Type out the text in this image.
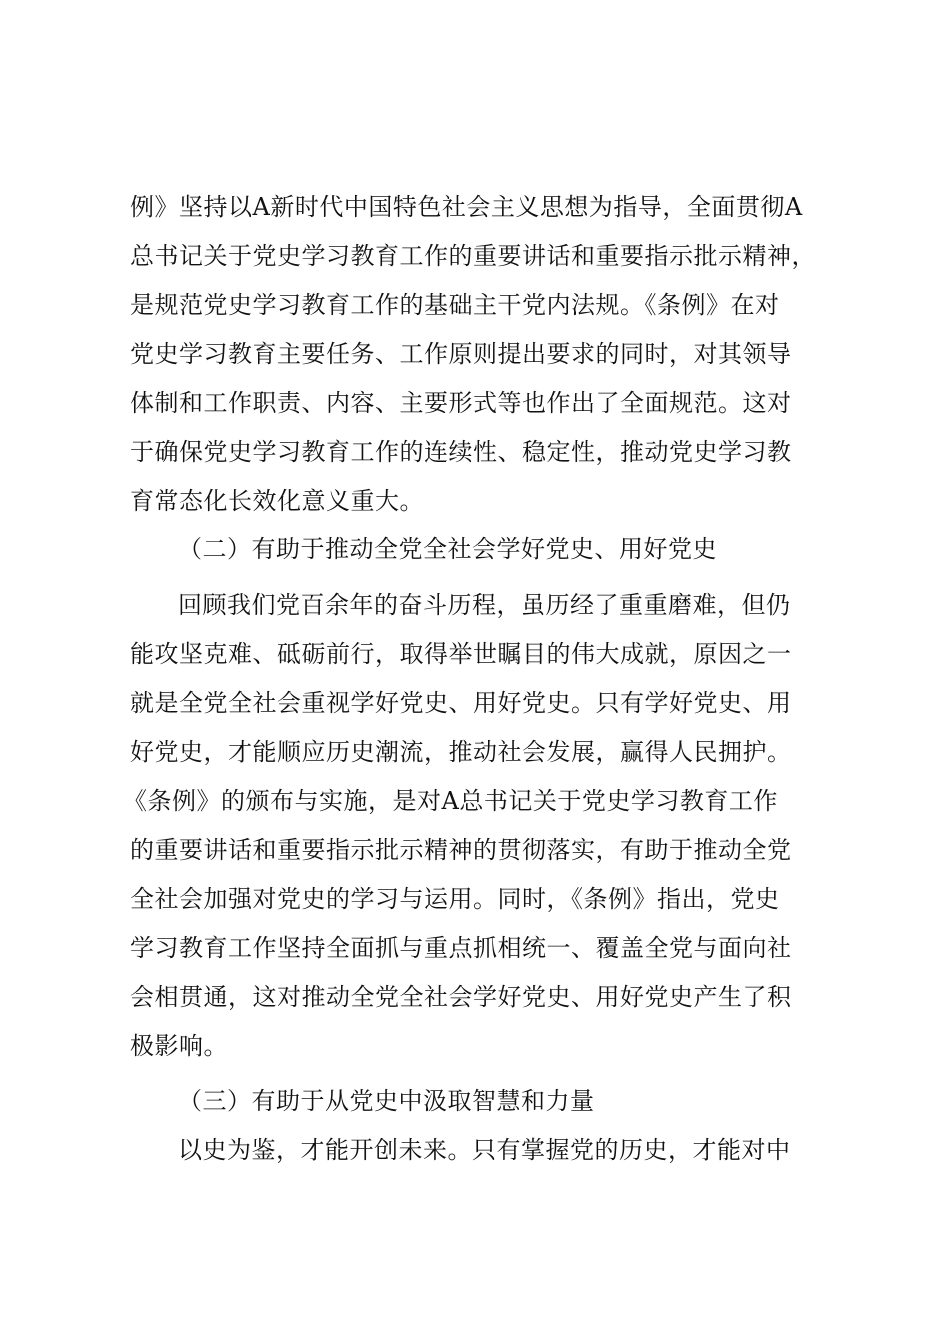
例》坚持以A新时代中国特色社会主义思想为指导，全面贯彻A
总书记关于党史学习教育工作的重要讲话和重要指示批示精神，
是规范党史学习教育工作的基础主干党内法规。《条例》在对
党史学习教育主要任务、工作原则提出要求的同时，对其领导
体制和工作职责、内容、主要形式等也作出了全面规范。这对
于确保党史学习教育工作的连续性、稳定性，推动党史学习教
育常态化长效化意义重大。
（二）有助于推动全党全社会学好党史、用好党史
回顾我们党百余年的奋斗历程，虽历经了重重磨难，但仍
能攻坚克难、砥砺前行，取得举世瞩目的伟大成就，原因之一
就是全党全社会重视学好党史、用好党史。只有学好党史、用
好党史，才能顺应历史潮流，推动社会发展，赢得人民拥护。
《条例》的颁布与实施，是对A总书记关于党史学习教育工作
的重要讲话和重要指示批示精神的贯彻落实，有助于推动全党
全社会加强对党史的学习与运用。同时，《条例》指出，党史
学习教育工作坚持全面抓与重点抓相统一、覆盖全党与面向社
会相贯通，这对推动全党全社会学好党史、用好党史产生了积
极影响。
（三）有助于从党史中汲取智慧和力量
以史为鉴，才能开创未来。只有掌握党的历史，才能对中
